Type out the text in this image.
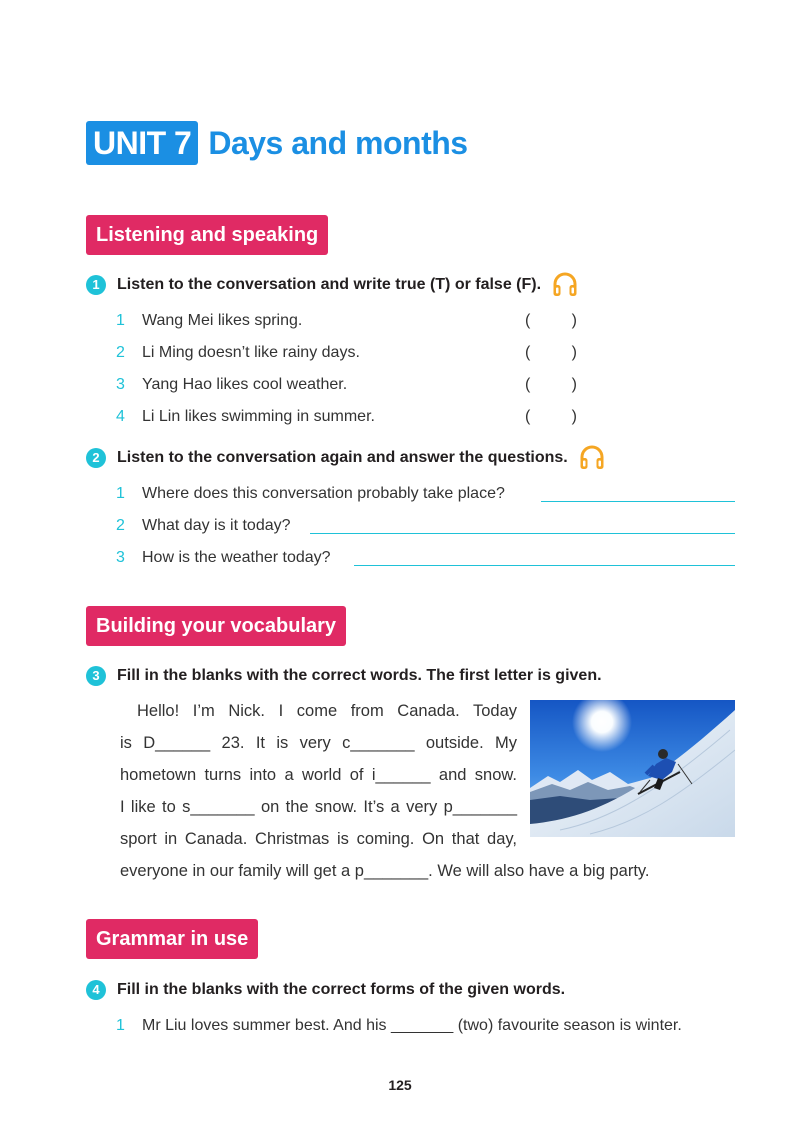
UNIT 7 Days and months
Listening and speaking
1	Listen to the conversation and write true (T) or false (F).
1 Wang Mei likes spring.	(	)
2 Li Ming doesn’t like rainy days.	(	)
3 Yang Hao likes cool weather.	(	)
4 Li Lin likes swimming in summer.	(	)
2	Listen to the conversation again and answer the questions.
1 Where does this conversation probably take place?
2 What day is it today?
3 How is the weather today?
Building your vocabulary
3	Fill in the blanks with the correct words. The first letter is given.
Hello! I’m Nick. I come from Canada. Today
is D______ 23. It is very c_______ outside. My
hometown turns into a world of i______ and snow.
I like to s_______ on the snow. It’s a very p_______
sport in Canada. Christmas is coming. On that day,
everyone in our family will get a p_______. We will also have a big party.
Grammar in use
4	Fill in the blanks with the correct forms of the given words.
1 Mr Liu loves summer best. And his _______ (two) favourite season is winter.
125
